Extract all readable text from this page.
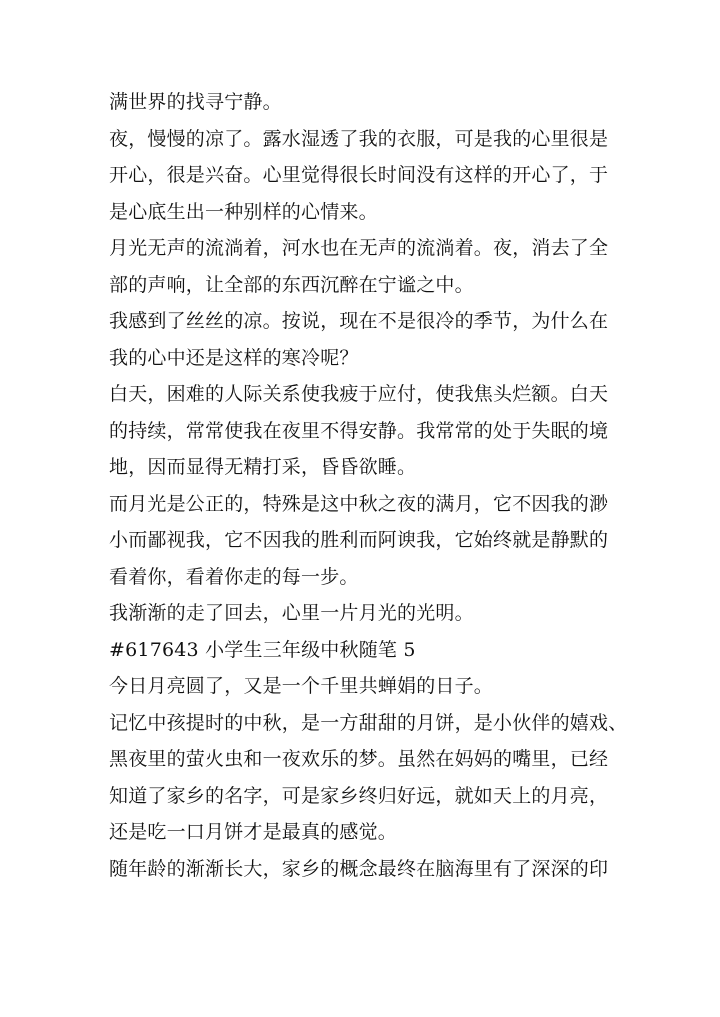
满世界的找寻宁静。
夜，慢慢的凉了。露水湿透了我的衣服，可是我的心里很是
开心，很是兴奋。心里觉得很长时间没有这样的开心了，于
是心底生出一种别样的心情来。
月光无声的流淌着，河水也在无声的流淌着。夜，消去了全
部的声响，让全部的东西沉醉在宁谧之中。
我感到了丝丝的凉。按说，现在不是很冷的季节，为什么在
我的心中还是这样的寒冷呢？
白天，困难的人际关系使我疲于应付，使我焦头烂额。白天
的持续，常常使我在夜里不得安静。我常常的处于失眠的境
地，因而显得无精打采，昏昏欲睡。
而月光是公正的，特殊是这中秋之夜的满月，它不因我的渺
小而鄙视我，它不因我的胜利而阿谀我，它始终就是静默的
看着你，看着你走的每一步。
我渐渐的走了回去，心里一片月光的光明。
#617643 小学生三年级中秋随笔 5
今日月亮圆了，又是一个千里共蝉娟的日子。
记忆中孩提时的中秋，是一方甜甜的月饼，是小伙伴的嬉戏、
黑夜里的萤火虫和一夜欢乐的梦。虽然在妈妈的嘴里，已经
知道了家乡的名字，可是家乡终归好远，就如天上的月亮，
还是吃一口月饼才是最真的感觉。
随年龄的渐渐长大，家乡的概念最终在脑海里有了深深的印
